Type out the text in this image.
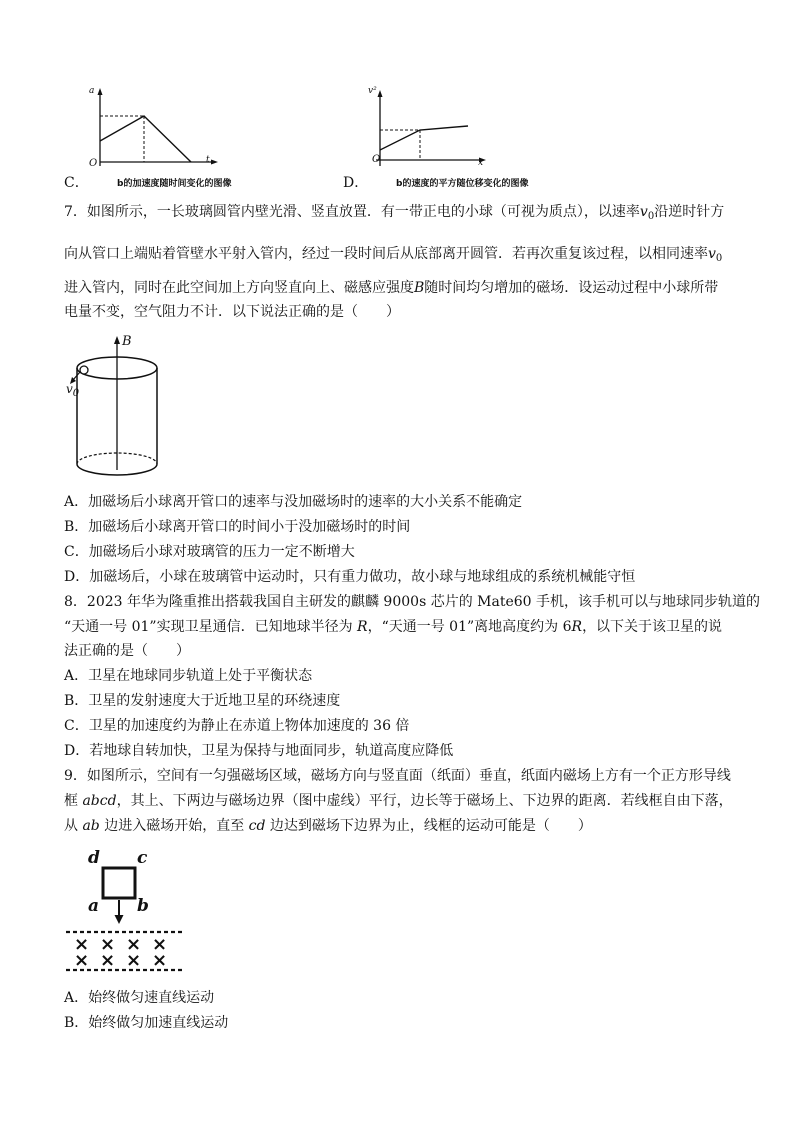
a
t
O
C．	b的加速度随时间变化的图像
v²
x
O
D．	b的速度的平方随位移变化的图像
7．如图所示，一长玻璃圆管内壁光滑、竖直放置．有一带正电的小球（可视为质点），以速率$v_0$沿逆时针方
向从管口上端贴着管壁水平射入管内，经过一段时间后从底部离开圆管．若再次重复该过程，以相同速率$v_0$
进入管内，同时在此空间加上方向竖直向上、磁感应强度B随时间均匀增加的磁场．设运动过程中小球所带
电量不变，空气阻力不计．以下说法正确的是（　　）
B
$v_0$
A．加磁场后小球离开管口的速率与没加磁场时的速率的大小关系不能确定
B．加磁场后小球离开管口的时间小于没加磁场时的时间
C．加磁场后小球对玻璃管的压力一定不断增大
D．加磁场后，小球在玻璃管中运动时，只有重力做功，故小球与地球组成的系统机械能守恒
8．2023 年华为隆重推出搭载我国自主研发的麒麟 9000s 芯片的 Mate60 手机，该手机可以与地球同步轨道的
“天通一号 01”实现卫星通信．已知地球半径为 R，“天通一号 01”离地高度约为 6R，以下关于该卫星的说
法正确的是（　　）
A．卫星在地球同步轨道上处于平衡状态
B．卫星的发射速度大于近地卫星的环绕速度
C．卫星的加速度约为静止在赤道上物体加速度的 36 倍
D．若地球自转加快，卫星为保持与地面同步，轨道高度应降低
9．如图所示，空间有一匀强磁场区域，磁场方向与竖直面（纸面）垂直，纸面内磁场上方有一个正方形导线
框 abcd，其上、下两边与磁场边界（图中虚线）平行，边长等于磁场上、下边界的距离．若线框自由下落，
从 ab 边进入磁场开始，直至 cd 边达到磁场下边界为止，线框的运动可能是（　　）
d c
a b
× × × ×
× × × ×
A．始终做匀速直线运动
B．始终做匀加速直线运动
